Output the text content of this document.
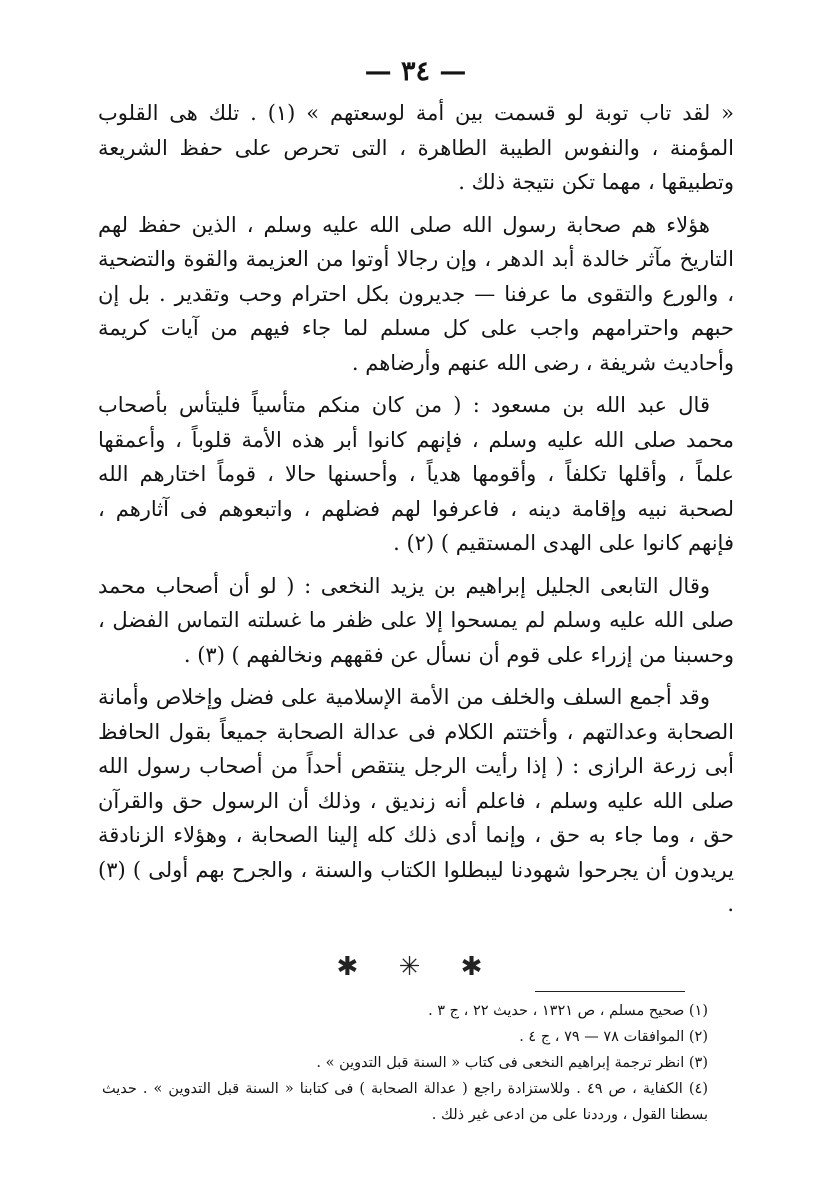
— ٣٤ —

« لقد تاب توبة لو قسمت بين أمة لوسعتهم » (١) . تلك هى القلوب المؤمنة ، والنفوس الطيبة الطاهرة ، التى تحرص على حفظ الشريعة وتطبيقها ، مهما تكن نتيجة ذلك .

هؤلاء هم صحابة رسول الله صلى الله عليه وسلم ، الذين حفظ لهم التاريخ مآثر خالدة أبد الدهر ، وإن رجالا أوتوا من العزيمة والقوة والتضحية ، والورع والتقوى ما عرفنا — جديرون بكل احترام وحب وتقدير . بل إن حبهم واحترامهم واجب على كل مسلم لما جاء فيهم من آيات كريمة وأحاديث شريفة ، رضى الله عنهم وأرضاهم .

قال عبد الله بن مسعود : ( من كان منكم متأسياً فليتأس بأصحاب محمد صلى الله عليه وسلم ، فإنهم كانوا أبر هذه الأمة قلوباً ، وأعمقها علماً ، وأقلها تكلفاً ، وأقومها هدياً ، وأحسنها حالا ، قوماً اختارهم الله لصحبة نبيه وإقامة دينه ، فاعرفوا لهم فضلهم ، واتبعوهم فى آثارهم ، فإنهم كانوا على الهدى المستقيم ) (٢) .

وقال التابعى الجليل إبراهيم بن يزيد النخعى : ( لو أن أصحاب محمد صلى الله عليه وسلم لم يمسحوا إلا على ظفر ما غسلته التماس الفضل ، وحسبنا من إزراء على قوم أن نسأل عن فقههم ونخالفهم ) (٣) .

وقد أجمع السلف والخلف من الأمة الإسلامية على فضل وإخلاص وأمانة الصحابة وعدالتهم ، وأختتم الكلام فى عدالة الصحابة جميعاً بقول الحافظ أبى زرعة الرازى : ( إذا رأيت الرجل ينتقص أحداً من أصحاب رسول الله صلى الله عليه وسلم ، فاعلم أنه زنديق ، وذلك أن الرسول حق والقرآن حق ، وما جاء به حق ، وإنما أدى ذلك كله إلينا الصحابة ، وهؤلاء الزنادقة يريدون أن يجرحوا شهودنا ليبطلوا الكتاب والسنة ، والجرح بهم أولى ) (٣) .

✱ ✳ ✱

(١) صحيح مسلم ، ص ١٣٢١ ، حديث ٢٢ ، ج ٣ .

(٢) الموافقات ٧٨ — ٧٩ ، ج ٤ .

(٣) انظر ترجمة إبراهيم النخعى فى كتاب « السنة قبل التدوين » .

(٤) الكفاية ، ص ٤٩ . وللاستزادة راجع ( عدالة الصحابة ) فى كتابنا « السنة قبل التدوين » . حديث بسطنا القول ، ورددنا على من ادعى غير ذلك .
